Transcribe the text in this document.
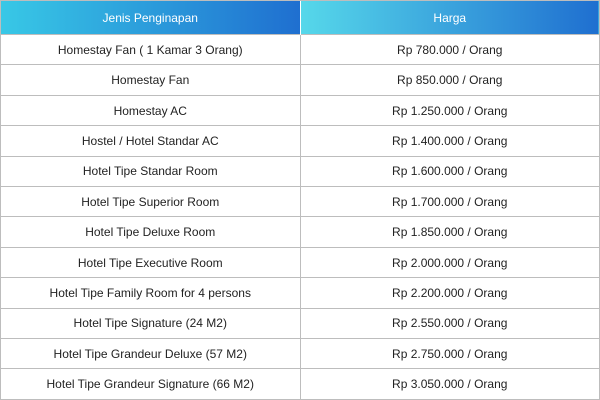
Jenis Penginapan	Harga
Homestay Fan ( 1 Kamar 3 Orang)	Rp 780.000 / Orang
Homestay Fan	Rp 850.000 / Orang
Homestay AC	Rp 1.250.000 / Orang
Hostel / Hotel Standar AC	Rp 1.400.000 / Orang
Hotel Tipe Standar Room	Rp 1.600.000 / Orang
Hotel Tipe Superior Room	Rp 1.700.000 / Orang
Hotel Tipe Deluxe Room	Rp 1.850.000 / Orang
Hotel Tipe Executive Room	Rp 2.000.000 / Orang
Hotel Tipe Family Room for 4 persons	Rp 2.200.000 / Orang
Hotel Tipe Signature (24 M2)	Rp 2.550.000 / Orang
Hotel Tipe Grandeur Deluxe (57 M2)	Rp 2.750.000 / Orang
Hotel Tipe Grandeur Signature (66 M2)	Rp 3.050.000 / Orang
